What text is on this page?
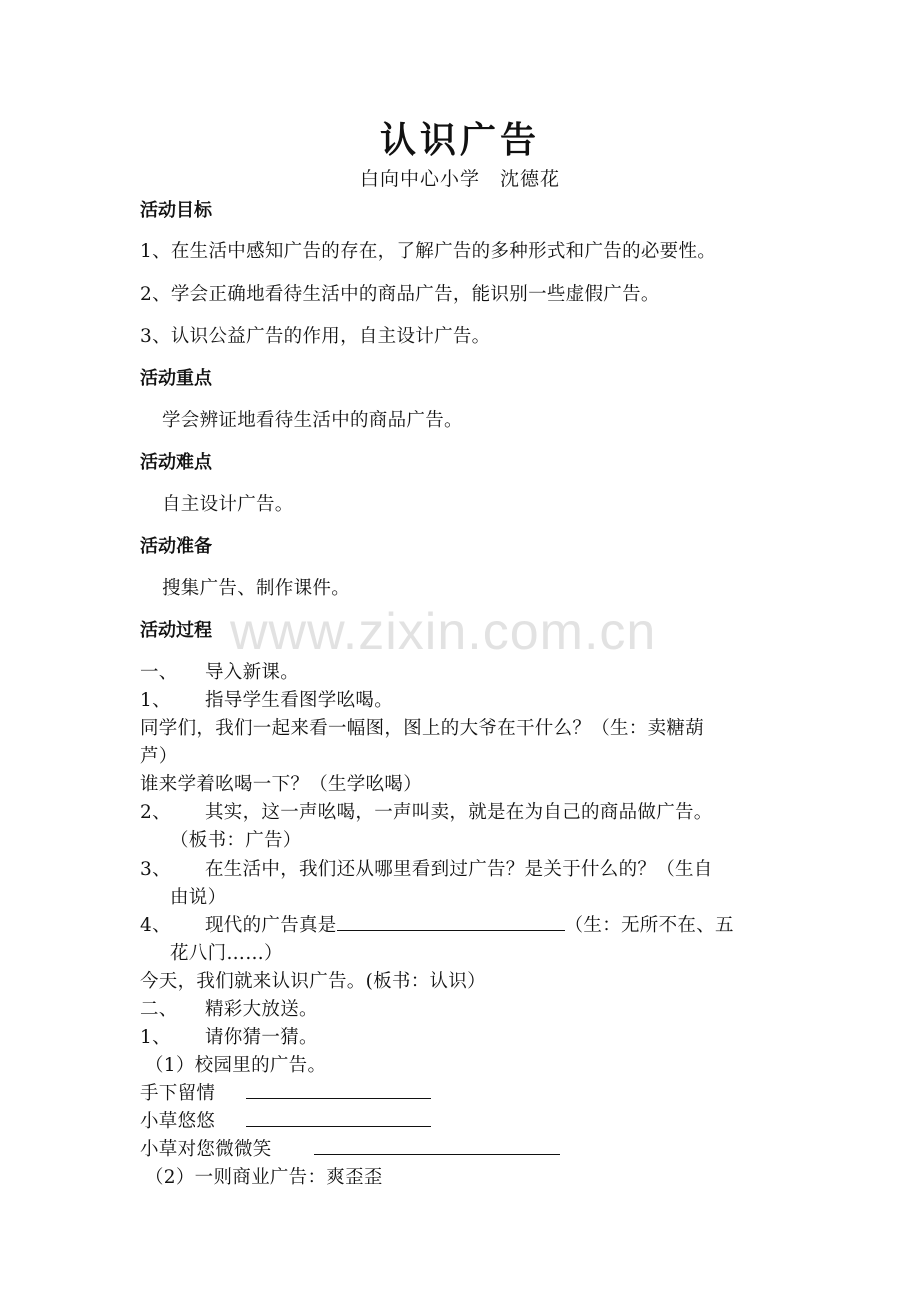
认识广告
白向中心小学　沈德花
活动目标
1、在生活中感知广告的存在，了解广告的多种形式和广告的必要性。
2、学会正确地看待生活中的商品广告，能识别一些虚假广告。
3、认识公益广告的作用，自主设计广告。
活动重点
学会辨证地看待生活中的商品广告。
活动难点
自主设计广告。
活动准备
搜集广告、制作课件。
活动过程 www.zixin.com.cn
一、 导入新课。
1、 指导学生看图学吆喝。
同学们，我们一起来看一幅图，图上的大爷在干什么？（生：卖糖葫
芦）
谁来学着吆喝一下？（生学吆喝）
2、 其实，这一声吆喝，一声叫卖，就是在为自己的商品做广告。
（板书：广告）
3、 在生活中，我们还从哪里看到过广告？是关于什么的？（生自
由说）
4、 现代的广告真是	（生：无所不在、五
花八门……）
今天，我们就来认识广告。(板书：认识）
二、 精彩大放送。
1、 请你猜一猜。
（1）校园里的广告。
手下留情
小草悠悠
小草对您微微笑
（2）一则商业广告：爽歪歪
